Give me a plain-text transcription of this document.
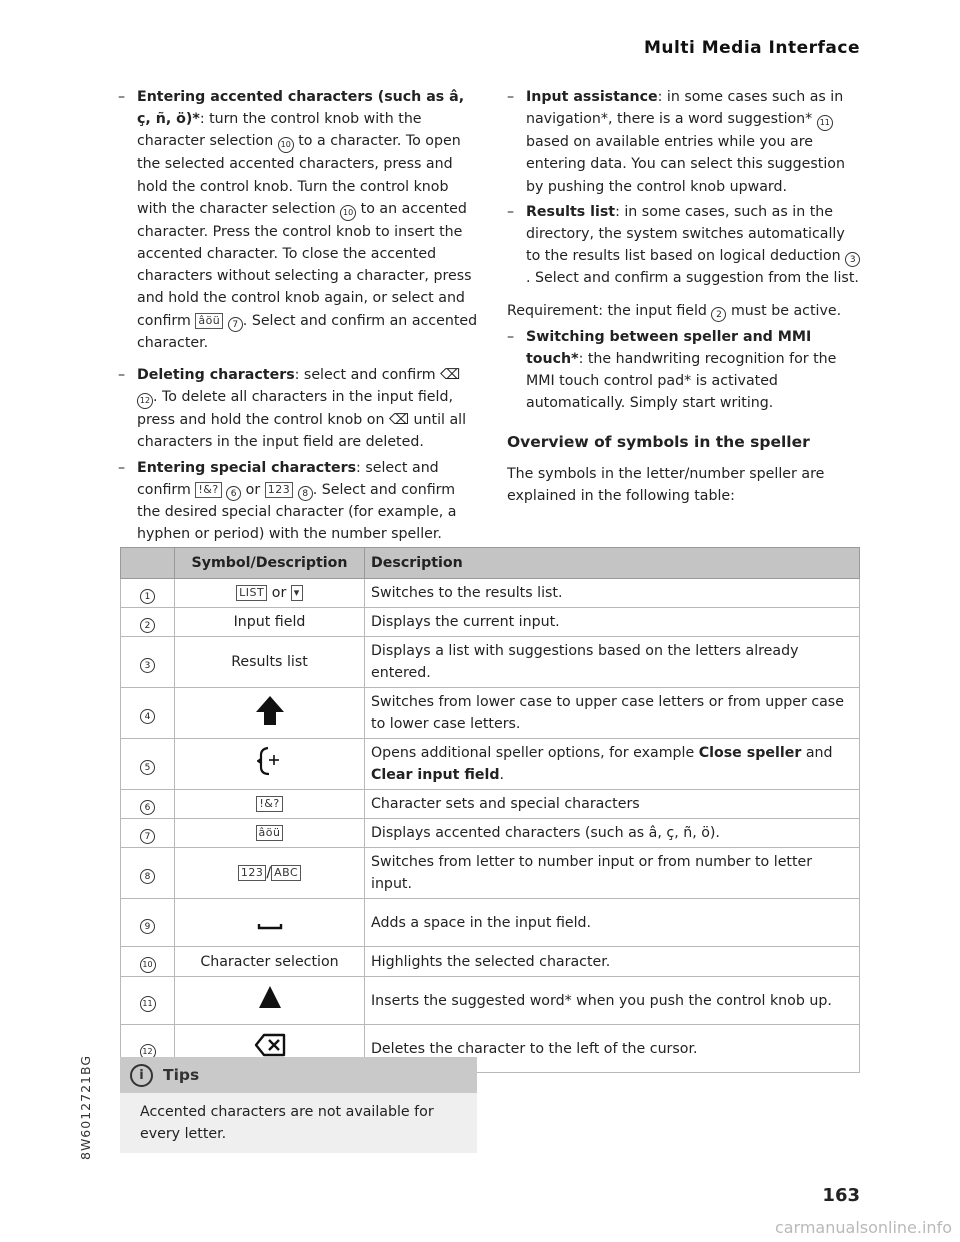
Multi Media Interface
– Entering accented characters (such as â, ç, ñ, ö)*: turn the control knob with the character selection 10 to a character. To open the selected accented characters, press and hold the control knob. Turn the control knob with the character selection 10 to an accented character. Press the control knob to insert the accented character. To close the accented characters without selecting a character, press and hold the control knob again, or select and confirm âöü 7 . Select and confirm an accented character.
– Deleting characters: select and confirm ⌫ 12 . To delete all characters in the input field, press and hold the control knob on ⌫ until all characters in the input field are deleted.
– Entering special characters: select and confirm !&? 6 or 123 8 . Select and confirm the desired special character (for example, a hyphen or period) with the number speller.
– Input assistance: in some cases such as in navigation*, there is a word suggestion* 11 based on available entries while you are entering data. You can select this suggestion by pushing the control knob upward.
– Results list: in some cases, such as in the directory, the system switches automatically to the results list based on logical deduction 3. Select and confirm a suggestion from the list.
Requirement: the input field 2 must be active.
– Switching between speller and MMI touch*: the handwriting recognition for the MMI touch control pad* is activated automatically. Simply start writing.
Overview of symbols in the speller
The symbols in the letter/number speller are explained in the following table:
	Symbol/Description	Description
1	LIST or ▾	Switches to the results list.
2	Input field	Displays the current input.
3	Results list	Displays a list with suggestions based on the letters already entered.
4		Switches from lower case to upper case letters or from upper case to lower case letters.
5		Opens additional speller options, for example Close speller and Clear input field.
6	!&?	Character sets and special characters
7	âöü	Displays accented characters (such as â, ç, ñ, ö).
8	123 / ABC	Switches from letter to number input or from number to letter input.
9		Adds a space in the input field.
10	Character selection	Highlights the selected character.
11		Inserts the suggested word* when you push the control knob up.
12		Deletes the character to the left of the cursor.
i	Tips
Accented characters are not available for every letter.
8W6012721BG
163
carmanualsonline.info
